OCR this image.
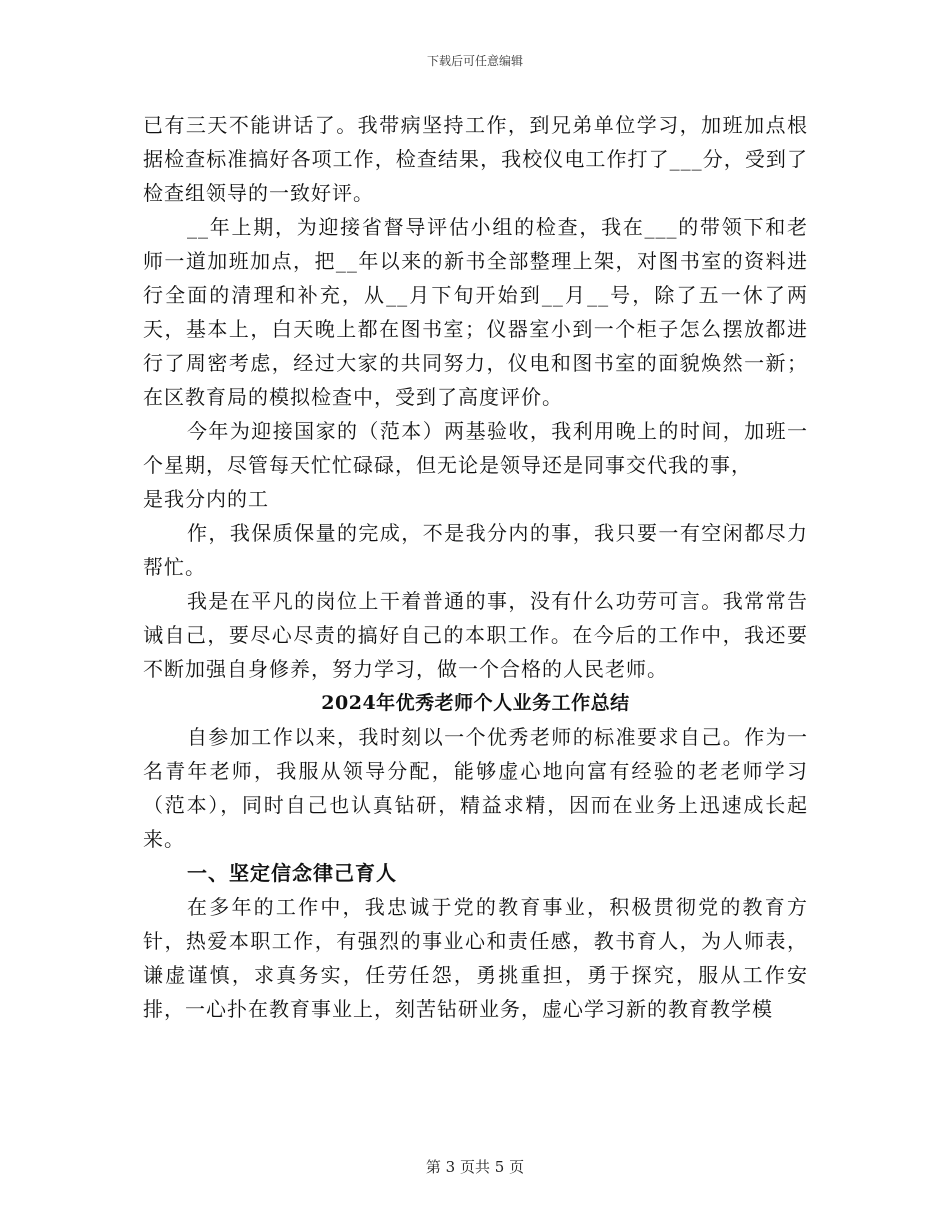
下载后可任意编辑

已有三天不能讲话了。我带病坚持工作，到兄弟单位学习，加班加点根据检查标准搞好各项工作，检查结果，我校仪电工作打了___分，受到了检查组领导的一致好评。

__年上期，为迎接省督导评估小组的检查，我在___的带领下和老师一道加班加点，把__年以来的新书全部整理上架，对图书室的资料进行全面的清理和补充，从__月下旬开始到__月__号，除了五一休了两天，基本上，白天晚上都在图书室；仪器室小到一个柜子怎么摆放都进行了周密考虑，经过大家的共同努力，仪电和图书室的面貌焕然一新；在区教育局的模拟检查中，受到了高度评价。

今年为迎接国家的（范本）两基验收，我利用晚上的时间，加班一个星期，尽管每天忙忙碌碌，但无论是领导还是同事交代我的事，

是我分内的工

作，我保质保量的完成，不是我分内的事，我只要一有空闲都尽力帮忙。

我是在平凡的岗位上干着普通的事，没有什么功劳可言。我常常告诫自己，要尽心尽责的搞好自己的本职工作。在今后的工作中，我还要不断加强自身修养，努力学习，做一个合格的人民老师。

2024年优秀老师个人业务工作总结

自参加工作以来，我时刻以一个优秀老师的标准要求自己。作为一名青年老师，我服从领导分配，能够虚心地向富有经验的老老师学习（范本），同时自己也认真钻研，精益求精，因而在业务上迅速成长起来。

一、坚定信念律己育人

在多年的工作中，我忠诚于党的教育事业，积极贯彻党的教育方针，热爱本职工作，有强烈的事业心和责任感，教书育人，为人师表，谦虚谨慎，求真务实，任劳任怨，勇挑重担，勇于探究，服从工作安排，一心扑在教育事业上，刻苦钻研业务，虚心学习新的教育教学模

第 3 页共 5 页
